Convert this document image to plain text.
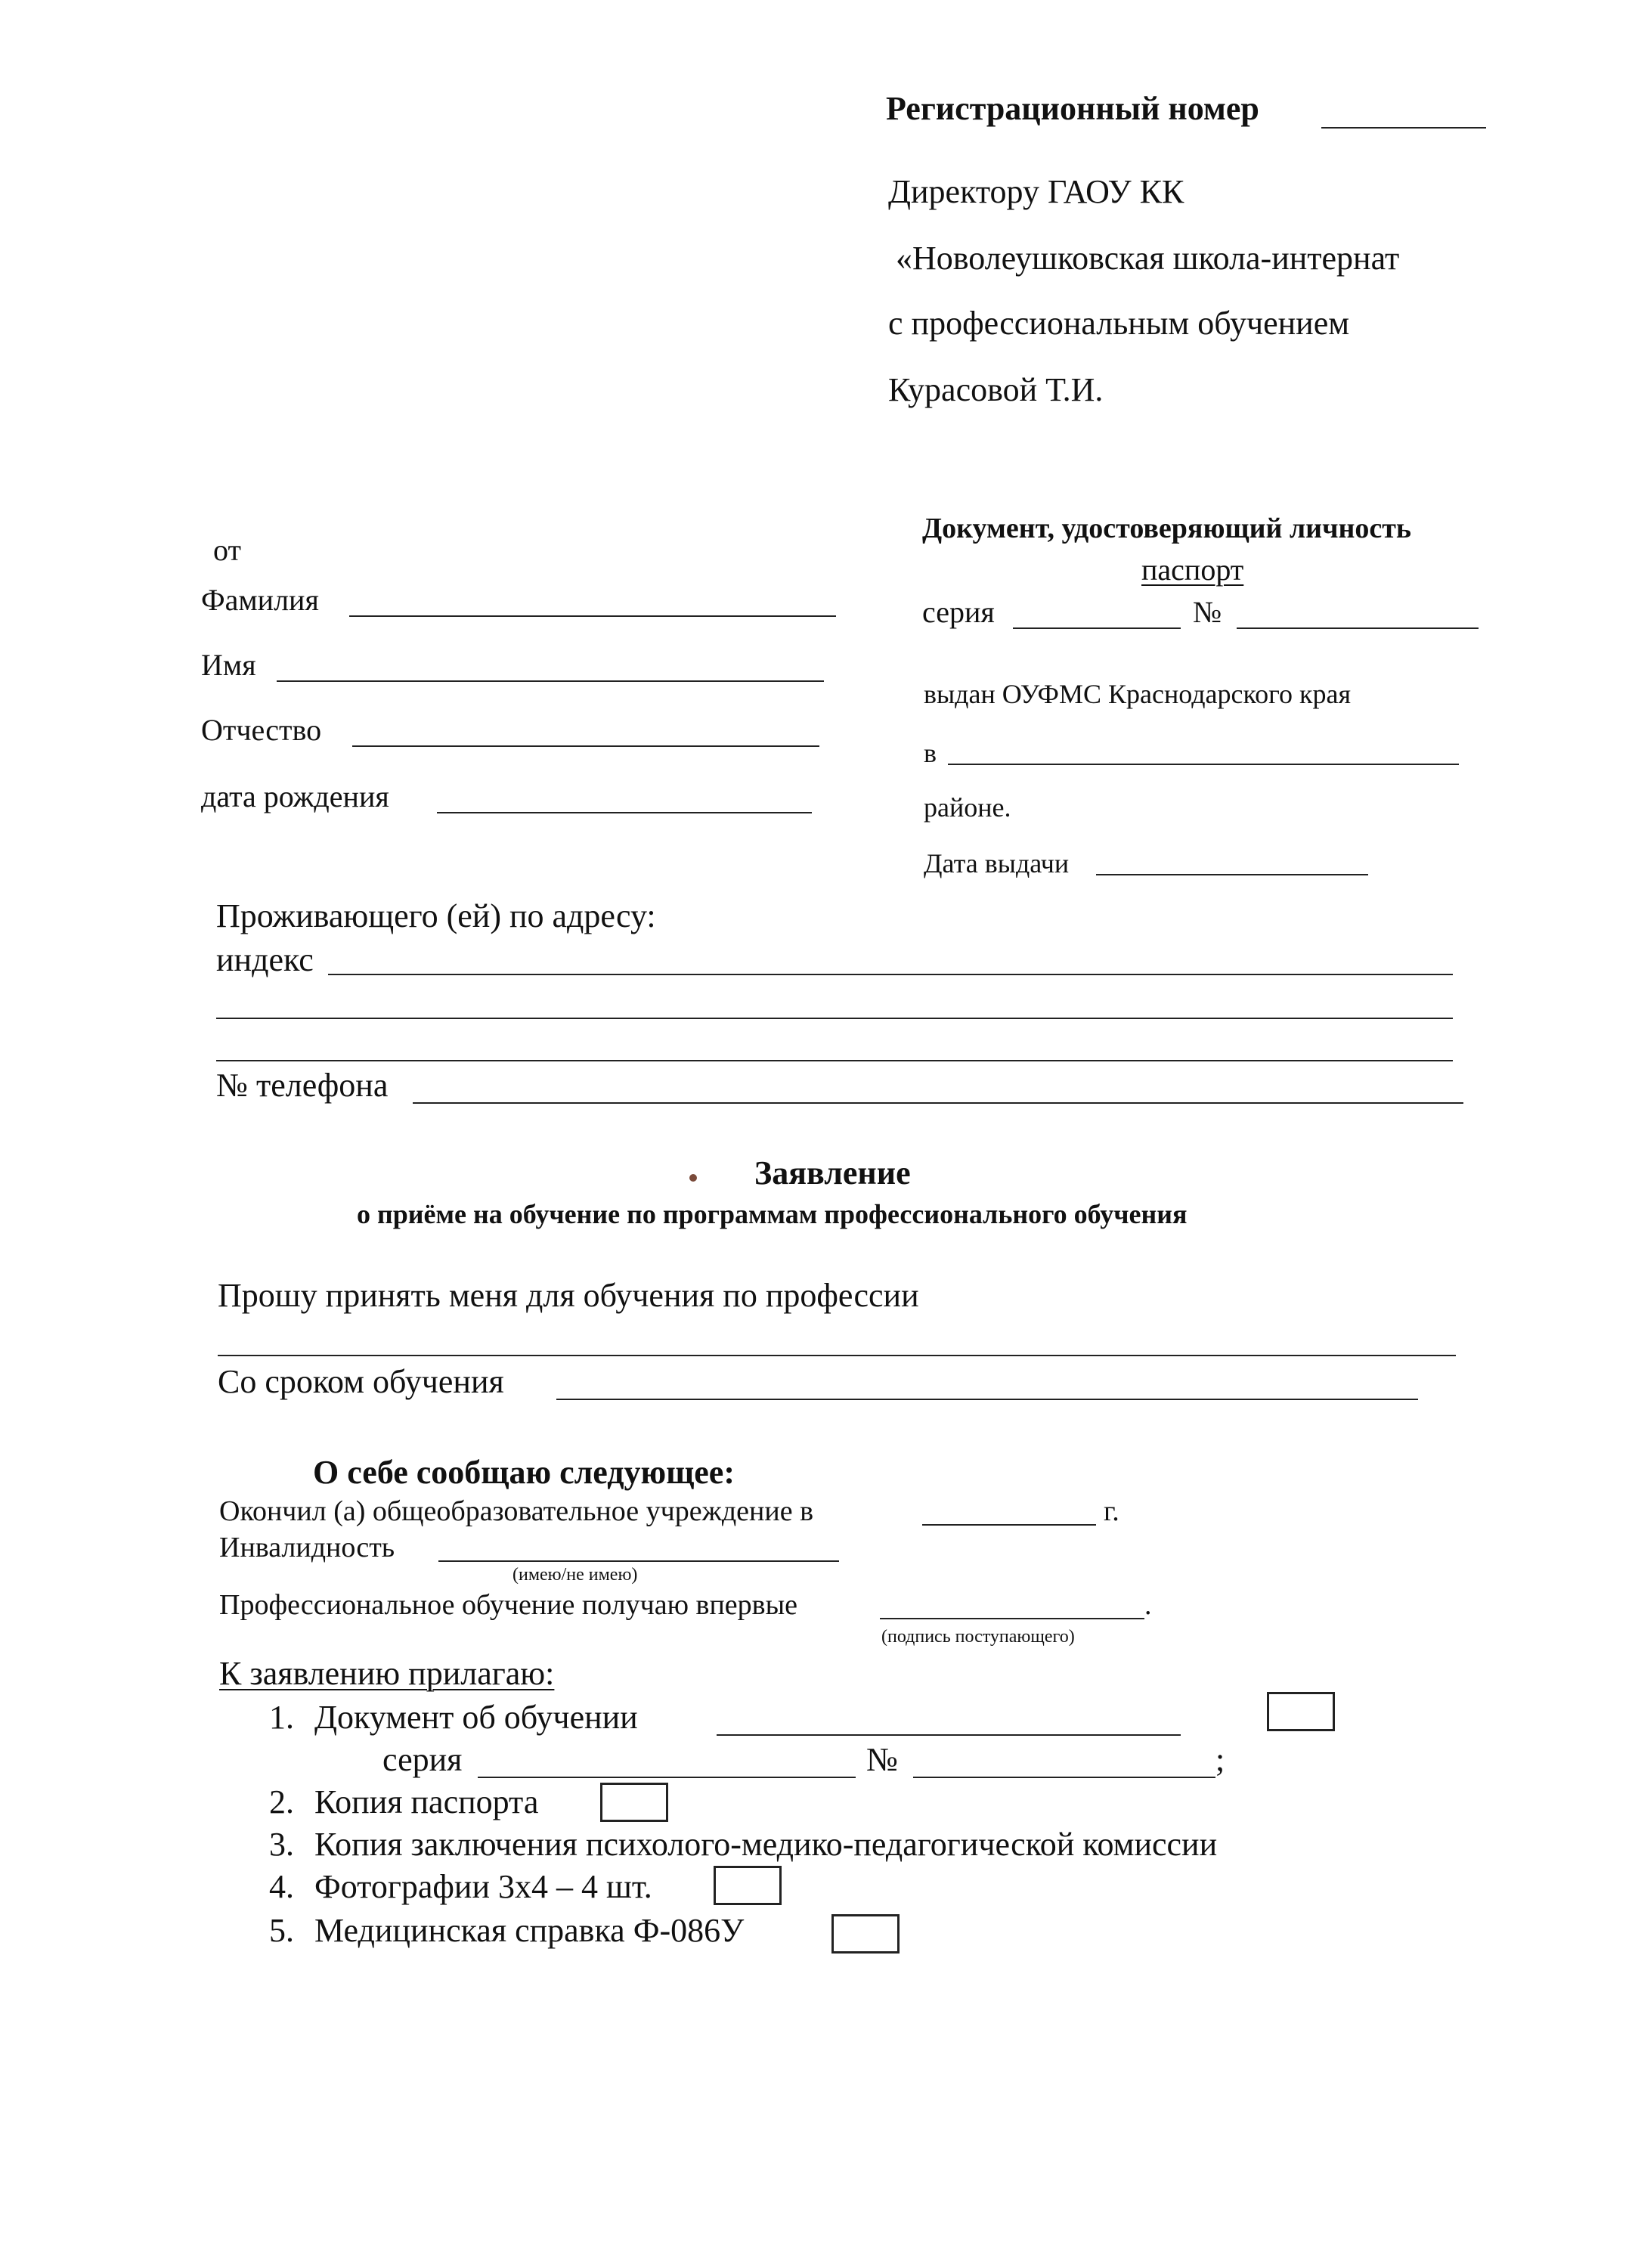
Регистрационный номер
Директору ГАОУ КК
«Новолеушковская школа-интернат
с профессиональным обучением
Курасовой Т.И.
от
Фамилия
Имя
Отчество
дата рождения
Документ, удостоверяющий личность
паспорт
серия	№
выдан ОУФМС Краснодарского края
в
районе.
Дата выдачи
Проживающего (ей) по адресу:
индекс
№ телефона
Заявление
о приёме на обучение по программам профессионального обучения
Прошу принять меня для обучения по профессии
Со сроком обучения
О себе сообщаю следующее:
Окончил (а) общеобразовательное учреждение в	г.
Инвалидность
(имею/не имею)
Профессиональное обучение получаю впервые	.
(подпись поступающего)
К заявлению прилагаю:
1. Документ об обучении
серия	№	;
2. Копия паспорта
3. Копия заключения психолого-медико-педагогической комиссии
4. Фотографии 3х4 – 4 шт.
5. Медицинская справка Ф-086У
